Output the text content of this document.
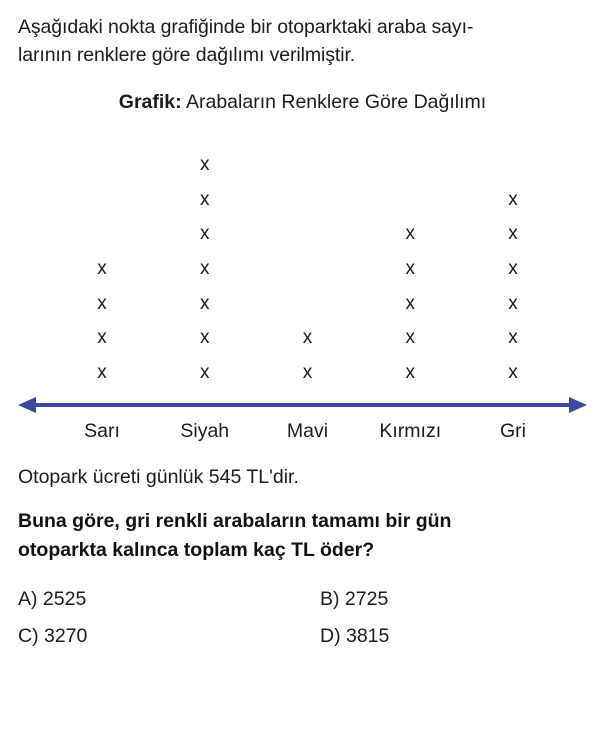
Aşağıdaki nokta grafiğinde bir otoparktaki araba sayı-
larının renklere göre dağılımı verilmiştir.
Grafik: Arabaların Renklere Göre Dağılımı
x
x
x
x
x
x
x
x
x
x
x
x
x
x
x
x
x
x
x
x
x
x
x
x
Sarı	Siyah	Mavi	Kırmızı	Gri
Otopark ücreti günlük 545 TL'dir.
Buna göre, gri renkli arabaların tamamı bir gün
otoparkta kalınca toplam kaç TL öder?
A) 2525	B) 2725
C) 3270	D) 3815
